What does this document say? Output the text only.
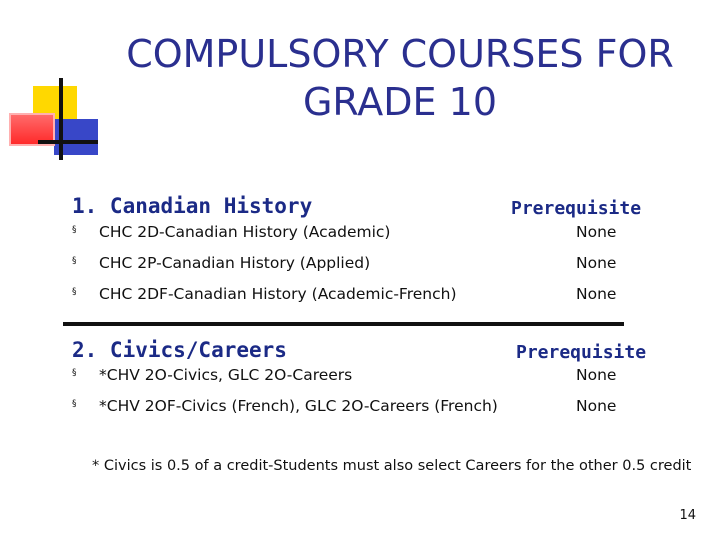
COMPULSORY COURSES FOR GRADE 10
1. Canadian History	Prerequisite
§ CHC 2D-Canadian History (Academic)	None
§ CHC 2P-Canadian History (Applied)	None
§ CHC 2DF-Canadian History (Academic-French)	None
2. Civics/Careers	Prerequisite
§ *CHV 2O-Civics, GLC 2O-Careers	None
§ *CHV 2OF-Civics (French), GLC 2O-Careers (French)	None
* Civics is 0.5 of a credit-Students must also select Careers for the other 0.5 credit
14
